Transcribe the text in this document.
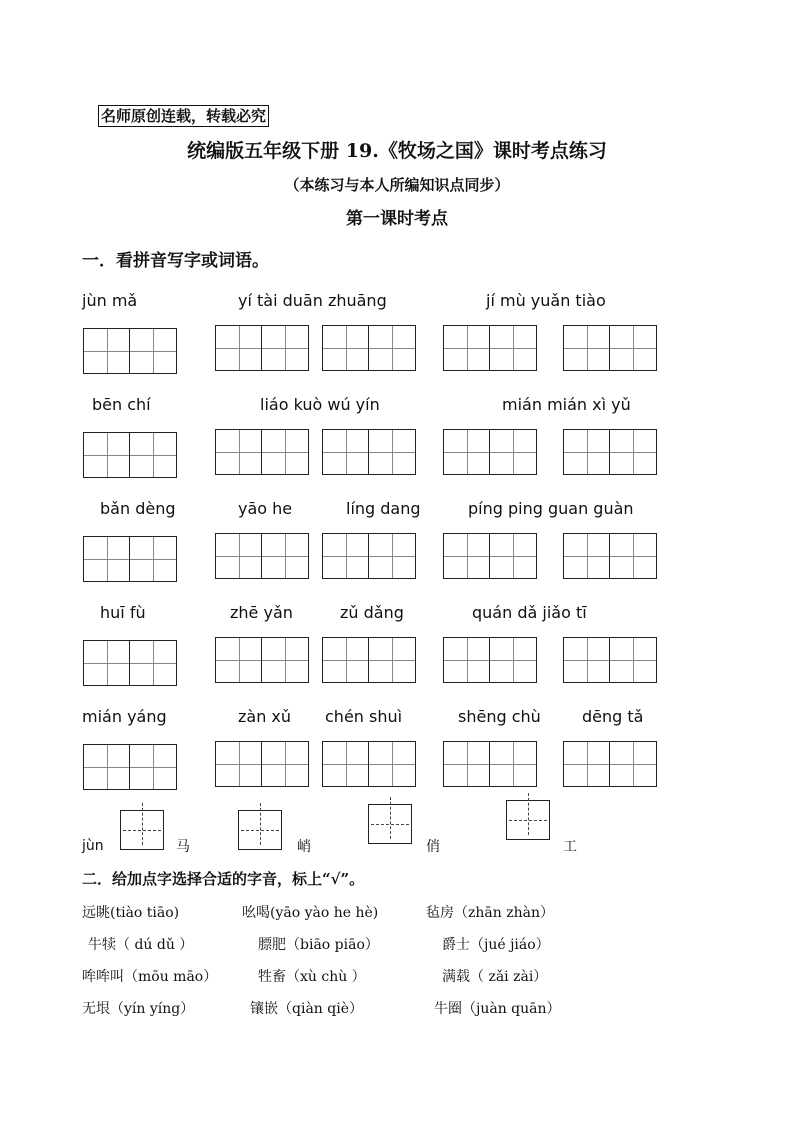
名师原创连载，转载必究
统编版五年级下册 19.《牧场之国》课时考点练习
（本练习与本人所编知识点同步）
第一课时考点
一．看拼音写字或词语。
jùn mǎ	yí tài duān zhuāng	jí mù yuǎn tiào
bēn chí	liáo kuò wú yín	mián mián xì yǔ
bǎn dèng	yāo he	líng dang	píng ping guan guàn
huī fù	zhē yǎn	zǔ dǎng	quán dǎ jiǎo tī
mián yáng	zàn xǔ chén shuì	shēng chù	dēng tǎ
jùn	马	峭	俏	工
二．给加点字选择合适的字音，标上“√”。
远眺(tiào tiāo)	吆喝(yāo yào he hè)	毡房（zhān zhàn）
牛犊（ dú dǔ ）	膘肥（biāo piāo）	爵士（jué jiáo）
哞哞叫（mōu māo）	牲畜（xù chù ）	满载（ zǎi zài）
无垠（yín yíng）	镶嵌（qiàn qiè）	牛圈（juàn quān）
